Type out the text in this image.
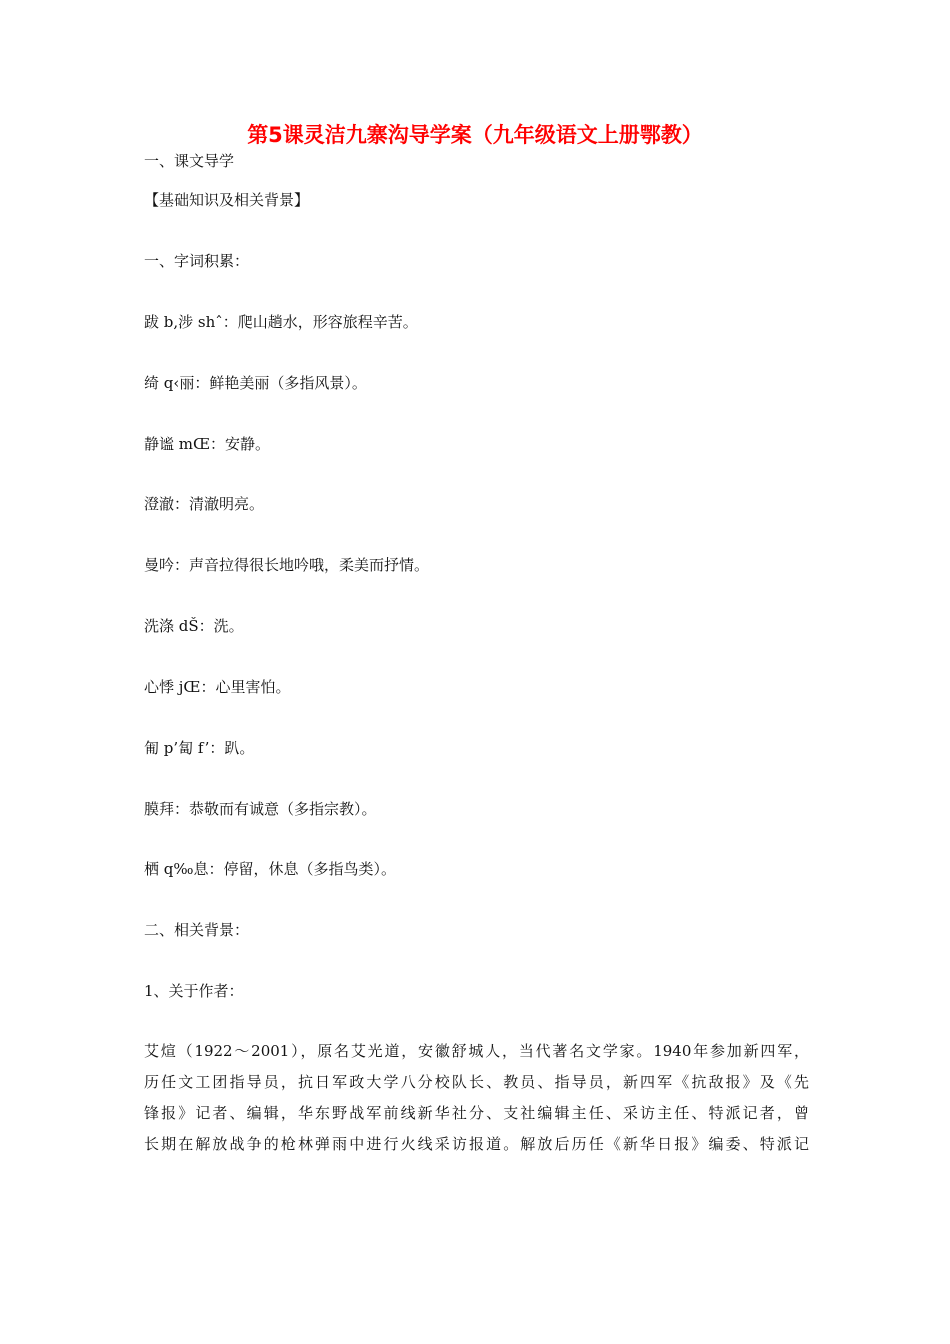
第5课灵洁九寨沟导学案（九年级语文上册鄂教）
一、课文导学
【基础知识及相关背景】
一、字词积累：
跋 b,涉 shˆ：爬山趟水，形容旅程辛苦。
绮 q‹丽：鲜艳美丽（多指风景）。
静谧 mŒ：安静。
澄澈：清澈明亮。
曼吟：声音拉得很长地吟哦，柔美而抒情。
洗涤 dŠ：洗。
心悸 jŒ：心里害怕。
匍 p’匐 f’：趴。
膜拜：恭敬而有诚意（多指宗教）。
栖 q‰息：停留，休息（多指鸟类）。
二、相关背景：
1、关于作者：
艾煊（1922～2001），原名艾光道，安徽舒城人，当代著名文学家。1940年参加新四军，
历任文工团指导员，抗日军政大学八分校队长、教员、指导员，新四军《抗敌报》及《先
锋报》记者、编辑，华东野战军前线新华社分、支社编辑主任、采访主任、特派记者，曾
长期在解放战争的枪林弹雨中进行火线采访报道。解放后历任《新华日报》编委、特派记
